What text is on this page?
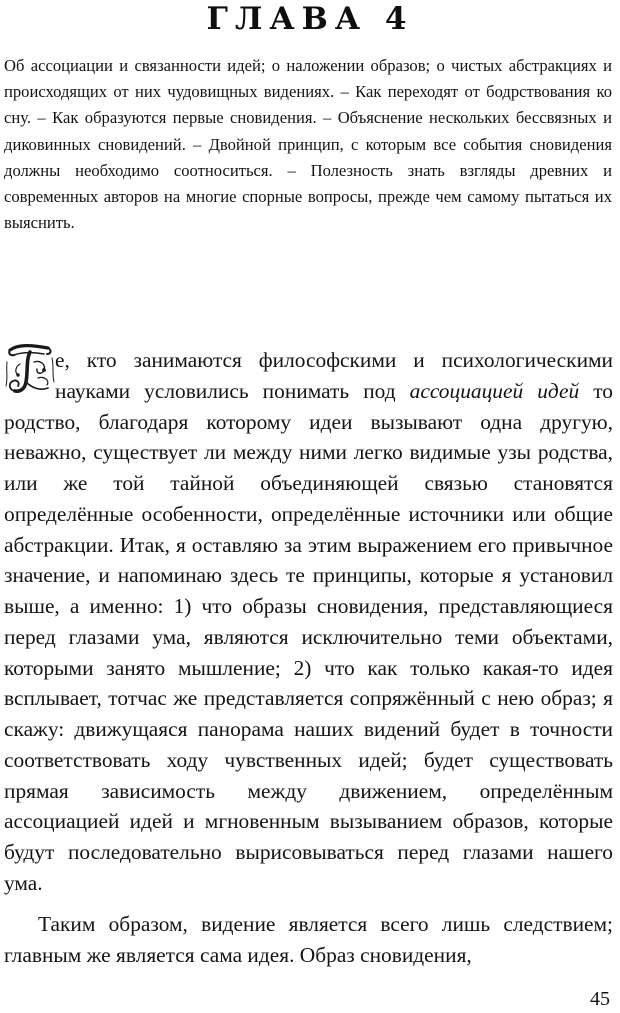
ГЛАВА 4

Об ассоциации и связанности идей; о наложении образов; о чистых абстракциях и происходящих от них чудовищных видениях. – Как переходят от бодрствования ко сну. – Как образуются первые сновидения. – Объяснение нескольких бессвязных и диковинных сновидений. – Двойной принцип, с которым все события сновидения должны необходимо соотноситься. – Полезность знать взгляды древних и современных авторов на многие спорные вопросы, прежде чем самому пытаться их выяснить.

е, кто занимаются философскими и психологическими науками условились понимать под ассоциацией идей то родство, благодаря которому идеи вызывают одна другую, неважно, существует ли между ними легко видимые узы родства, или же той тайной объединяющей связью становятся определённые особенности, определённые источники или общие абстракции. Итак, я оставляю за этим выражением его привычное значение, и напоминаю здесь те принципы, которые я установил выше, а именно: 1) что образы сновидения, представляющиеся перед глазами ума, являются исключительно теми объектами, которыми занято мышление; 2) что как только какая-то идея всплывает, тотчас же представляется сопряжённый с нею образ; я скажу: движущаяся панорама наших видений будет в точности соответствовать ходу чувственных идей; будет существовать прямая зависимость между движением, определённым ассоциацией идей и мгновенным вызыванием образов, которые будут последовательно вырисовываться перед глазами нашего ума.

Таким образом, видение является всего лишь следствием; главным же является сама идея. Образ сновидения,

45
